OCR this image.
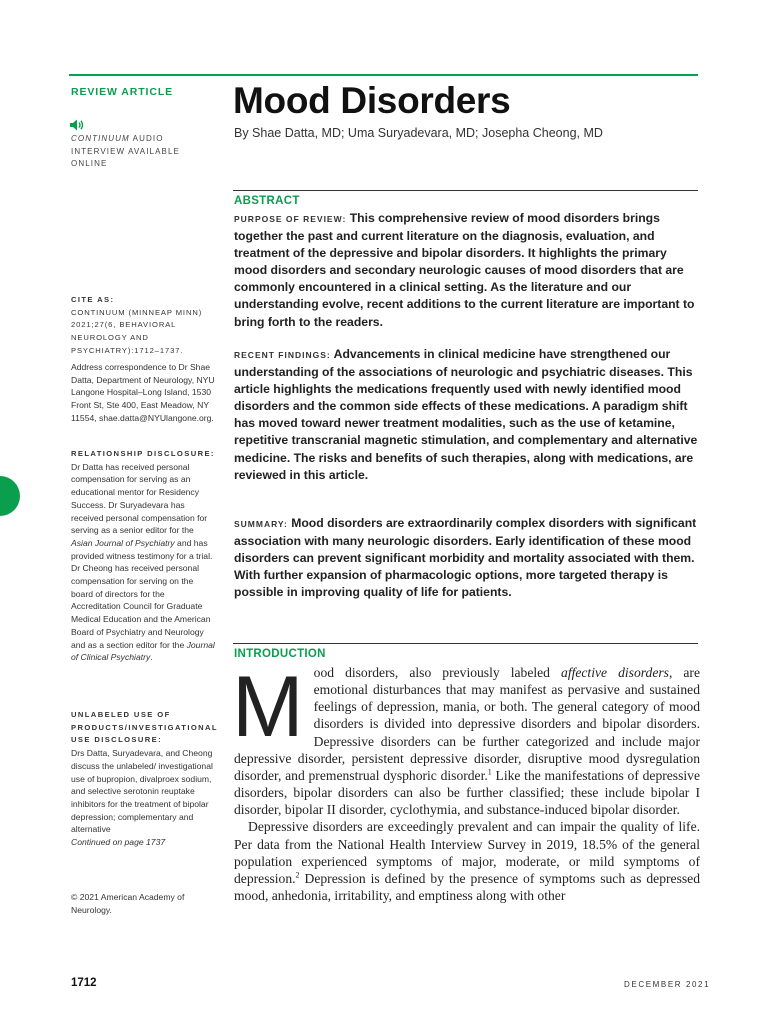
REVIEW ARTICLE
CONTINUUM AUDIO INTERVIEW AVAILABLE ONLINE
Mood Disorders
By Shae Datta, MD; Uma Suryadevara, MD; Josepha Cheong, MD
ABSTRACT
PURPOSE OF REVIEW: This comprehensive review of mood disorders brings together the past and current literature on the diagnosis, evaluation, and treatment of the depressive and bipolar disorders. It highlights the primary mood disorders and secondary neurologic causes of mood disorders that are commonly encountered in a clinical setting. As the literature and our understanding evolve, recent additions to the current literature are important to bring forth to the readers.
RECENT FINDINGS: Advancements in clinical medicine have strengthened our understanding of the associations of neurologic and psychiatric diseases. This article highlights the medications frequently used with newly identified mood disorders and the common side effects of these medications. A paradigm shift has moved toward newer treatment modalities, such as the use of ketamine, repetitive transcranial magnetic stimulation, and complementary and alternative medicine. The risks and benefits of such therapies, along with medications, are reviewed in this article.
SUMMARY: Mood disorders are extraordinarily complex disorders with significant association with many neurologic disorders. Early identification of these mood disorders can prevent significant morbidity and mortality associated with them. With further expansion of pharmacologic options, more targeted therapy is possible in improving quality of life for patients.
INTRODUCTION

Mood disorders, also previously labeled affective disorders, are emotional disturbances that may manifest as pervasive and sustained feelings of depression, mania, or both. The general category of mood disorders is divided into depressive disorders and bipolar disorders. Depressive disorders can be further categorized and include major depressive disorder, persistent depressive disorder, disruptive mood dysregulation disorder, and premenstrual dysphoric disorder.$^1$ Like the manifestations of depressive disorders, bipolar disorders can also be further classified; these include bipolar I disorder, bipolar II disorder, cyclothymia, and substance-induced bipolar disorder.

Depressive disorders are exceedingly prevalent and can impair the quality of life. Per data from the National Health Interview Survey in 2019, 18.5% of the general population experienced symptoms of major, moderate, or mild symptoms of depression.$^2$ Depression is defined by the presence of symptoms such as depressed mood, anhedonia, irritability, and emptiness along with other

CITE AS:
CONTINUUM (MINNEAP MINN) 2021;27(6, BEHAVIORAL NEUROLOGY AND PSYCHIATRY):1712–1737.
Address correspondence to Dr Shae Datta, Department of Neurology, NYU Langone Hospital–Long Island, 1530 Front St, Ste 400, East Meadow, NY 11554, shae.datta@NYUlangone.org.
RELATIONSHIP DISCLOSURE:
Dr Datta has received personal compensation for serving as an educational mentor for Residency Success. Dr Suryadevara has received personal compensation for serving as a senior editor for the Asian Journal of Psychiatry and has provided witness testimony for a trial. Dr Cheong has received personal compensation for serving on the board of directors for the Accreditation Council for Graduate Medical Education and the American Board of Psychiatry and Neurology and as a section editor for the Journal of Clinical Psychiatry.
UNLABELED USE OF PRODUCTS/INVESTIGATIONAL USE DISCLOSURE:
Drs Datta, Suryadevara, and Cheong discuss the unlabeled/ investigational use of bupropion, divalproex sodium, and selective serotonin reuptake inhibitors for the treatment of bipolar depression; complementary and alternative
Continued on page 1737
© 2021 American Academy of Neurology.
1712	DECEMBER 2021
